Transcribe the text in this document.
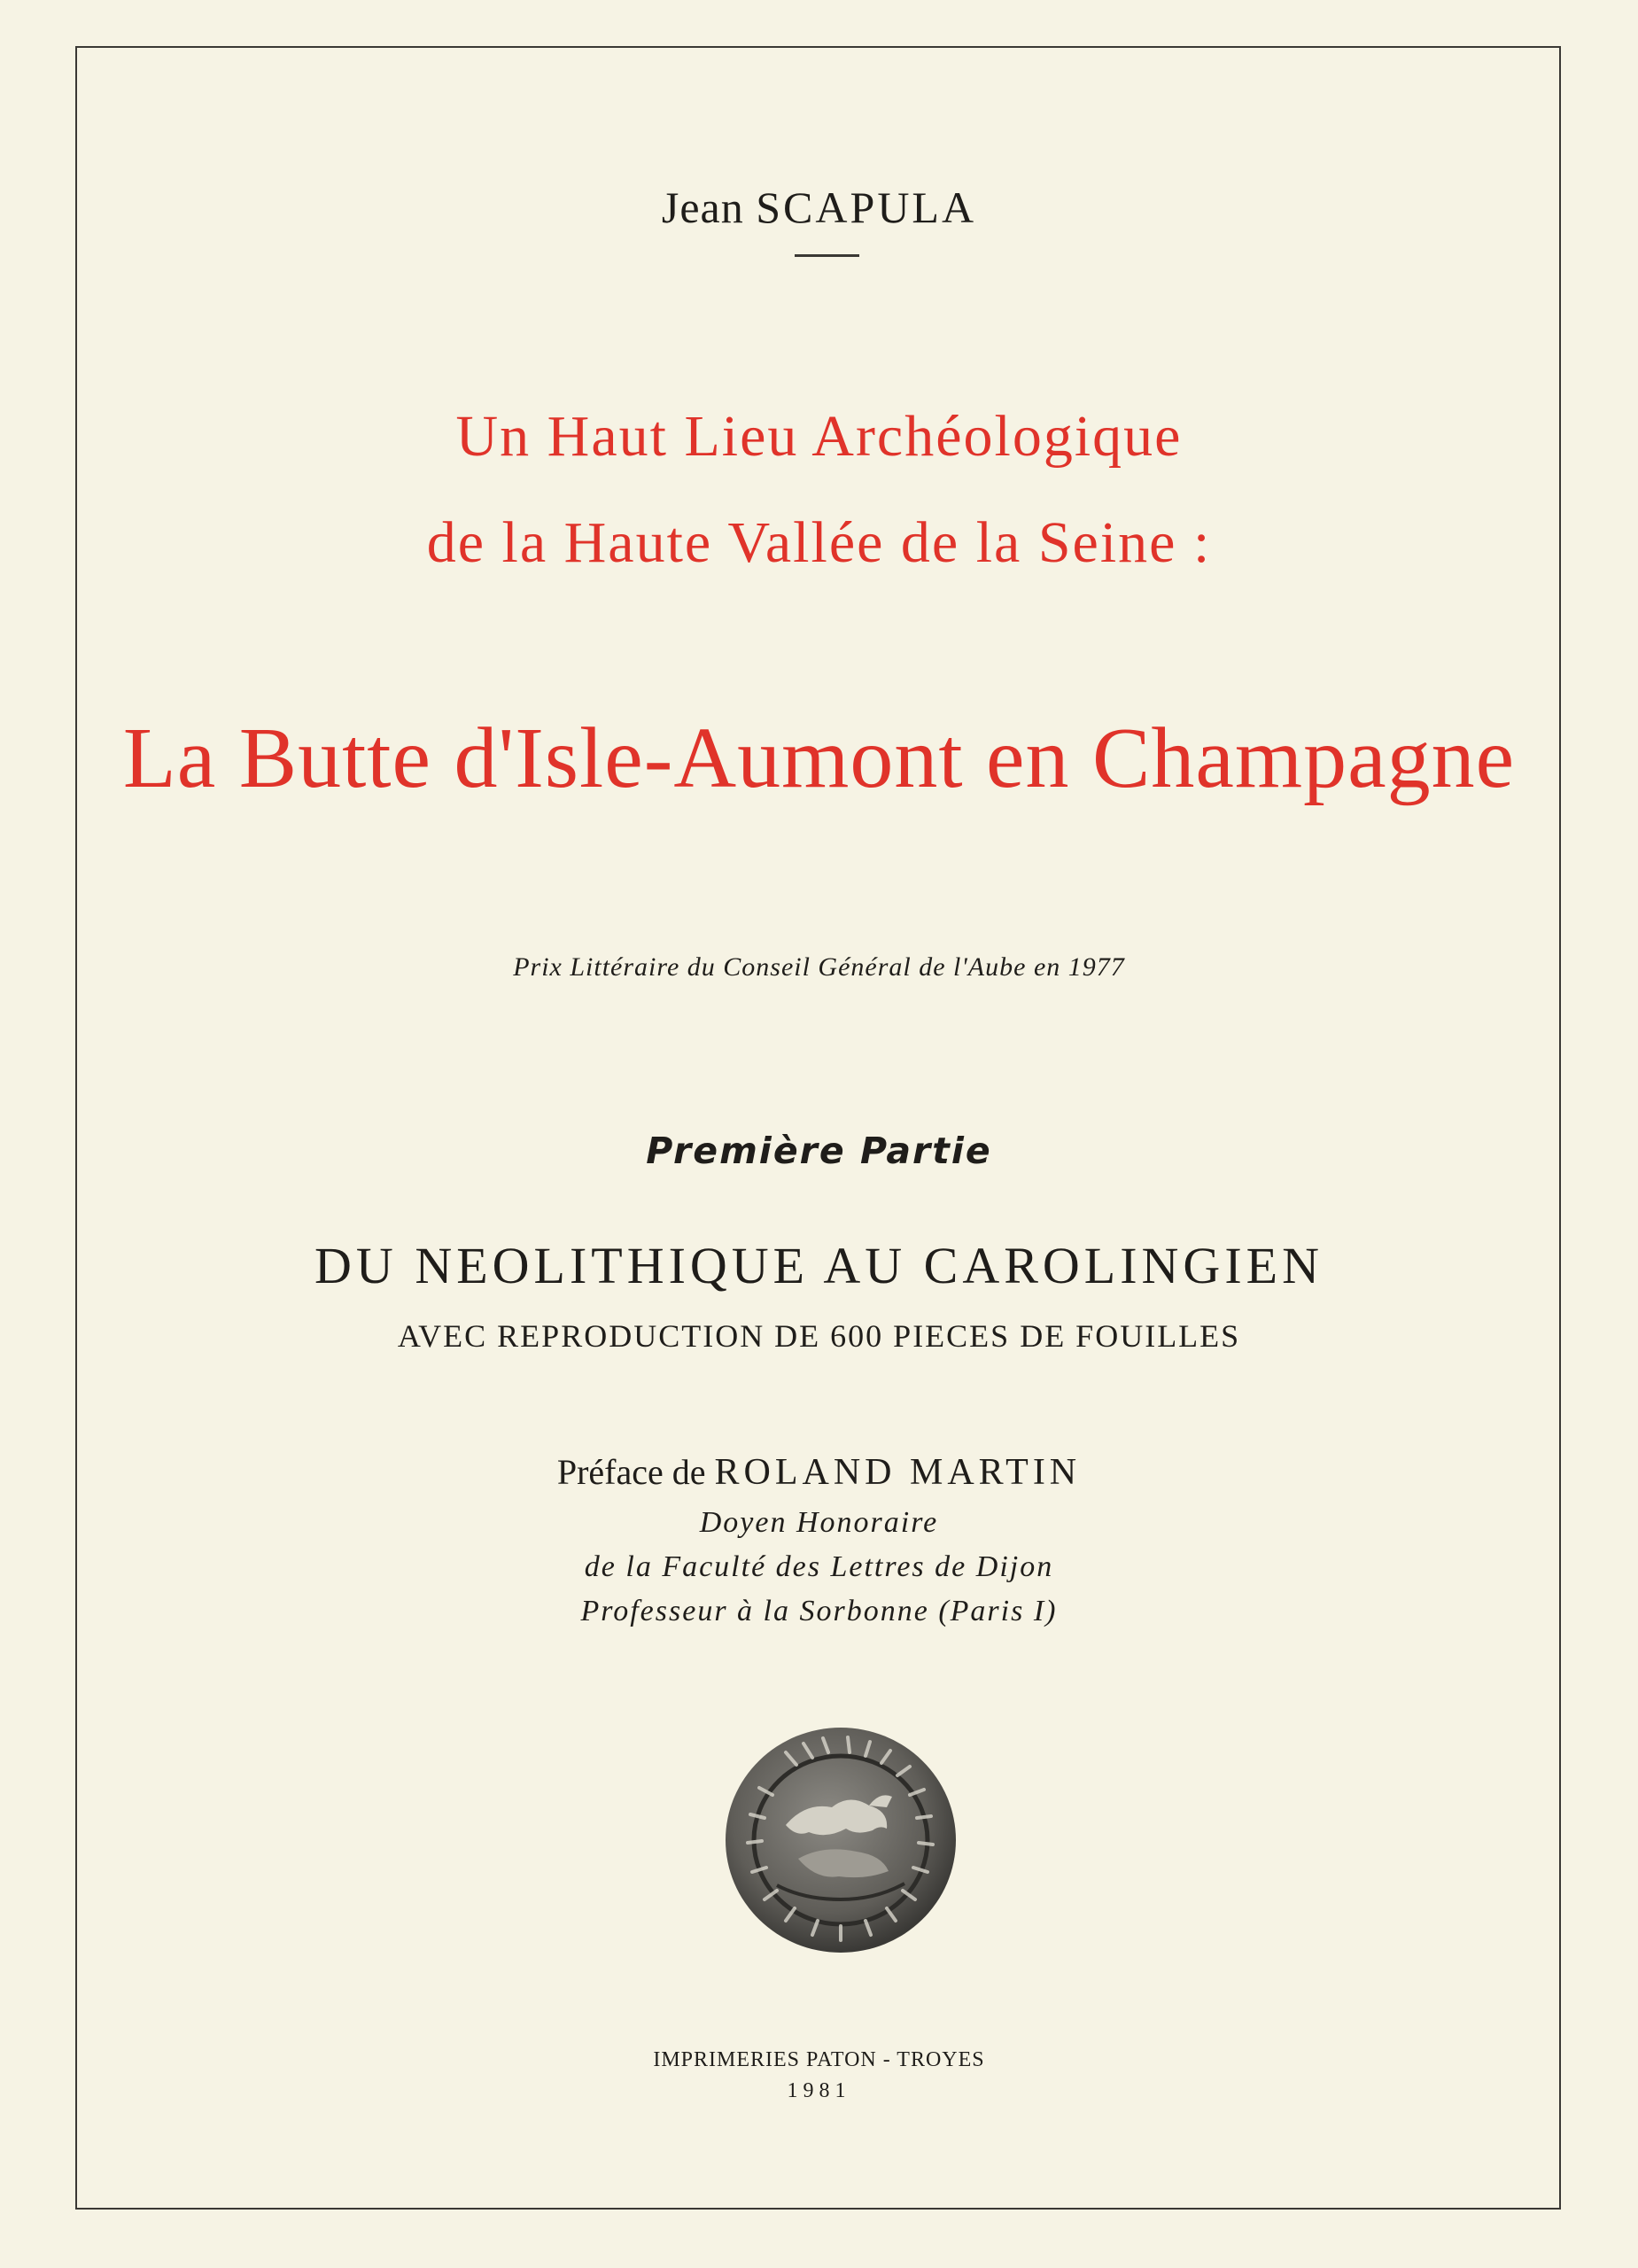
Jean SCAPULA
Un Haut Lieu Archéologique
de la Haute Vallée de la Seine :
La Butte d'Isle-Aumont en Champagne
Prix Littéraire du Conseil Général de l'Aube en 1977
Première Partie
DU NEOLITHIQUE AU CAROLINGIEN
AVEC REPRODUCTION DE 600 PIECES DE FOUILLES
Préface de ROLAND MARTIN
Doyen Honoraire
de la Faculté des Lettres de Dijon
Professeur à la Sorbonne (Paris I)
IMPRIMERIES PATON - TROYES
1981
